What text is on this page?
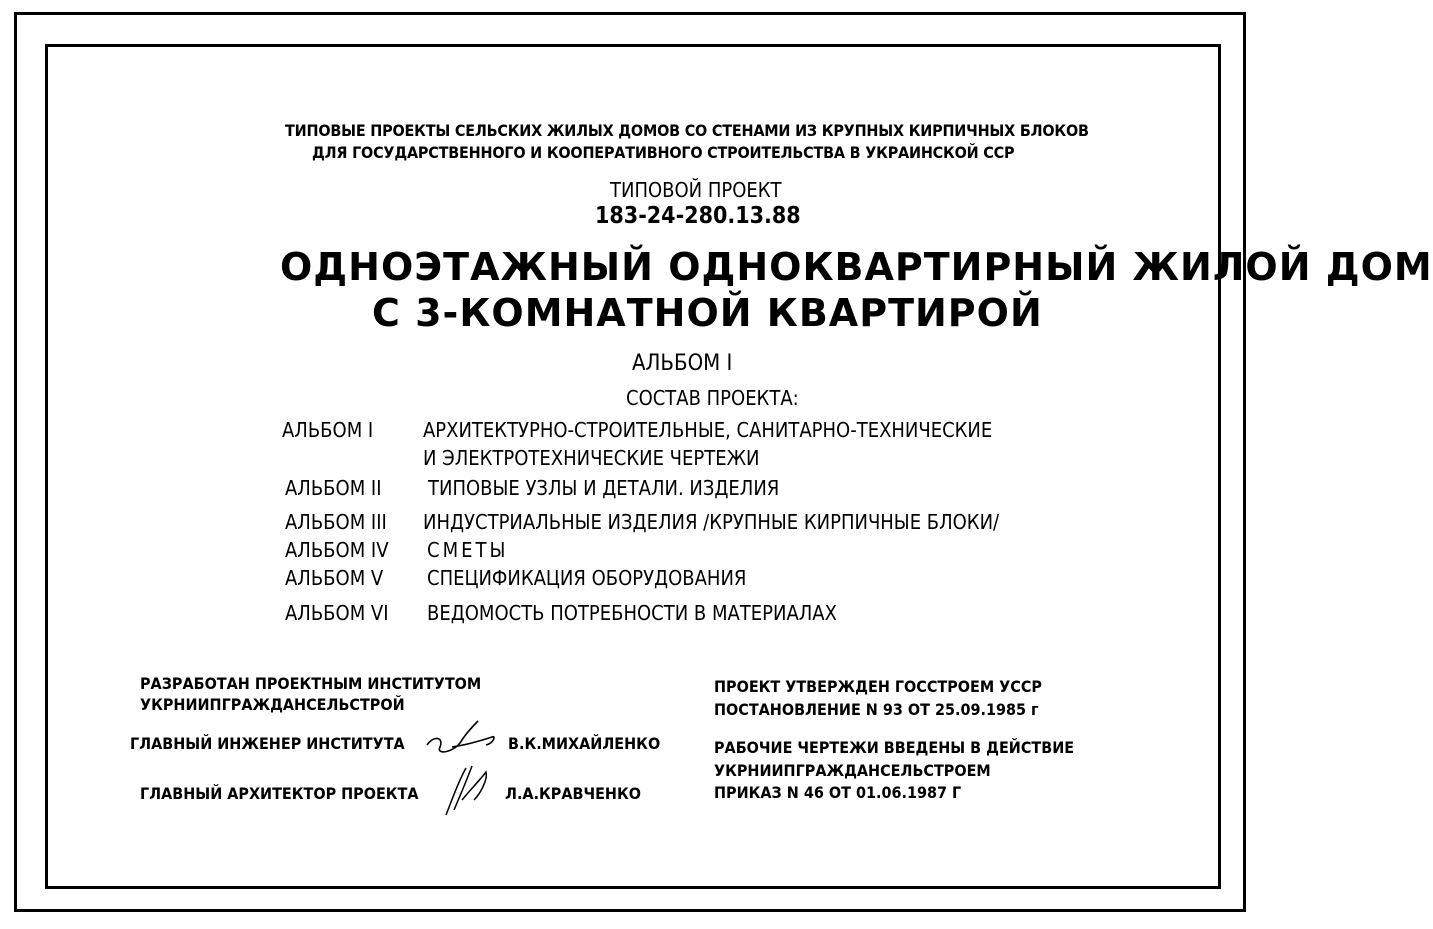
ТИПОВЫЕ ПРОЕКТЫ СЕЛЬСКИХ ЖИЛЫХ ДОМОВ СО СТЕНАМИ ИЗ КРУПНЫХ КИРПИЧНЫХ БЛОКОВ
ДЛЯ ГОСУДАРСТВЕННОГО И КООПЕРАТИВНОГО СТРОИТЕЛЬСТВА В УКРАИНСКОЙ ССР
ТИПОВОЙ ПРОЕКТ
183-24-280.13.88
ОДНОЭТАЖНЫЙ ОДНОКВАРТИРНЫЙ ЖИЛОЙ ДОМ
С 3-КОМНАТНОЙ КВАРТИРОЙ
АЛЬБОМ I
СОСТАВ ПРОЕКТА:
АЛЬБОМ I АРХИТЕКТУРНО-СТРОИТЕЛЬНЫЕ, САНИТАРНО-ТЕХНИЧЕСКИЕ
И ЭЛЕКТРОТЕХНИЧЕСКИЕ ЧЕРТЕЖИ
АЛЬБОМ II ТИПОВЫЕ УЗЛЫ И ДЕТАЛИ. ИЗДЕЛИЯ
АЛЬБОМ III ИНДУСТРИАЛЬНЫЕ ИЗДЕЛИЯ /КРУПНЫЕ КИРПИЧНЫЕ БЛОКИ/
АЛЬБОМ IV СМЕТЫ
АЛЬБОМ V СПЕЦИФИКАЦИЯ ОБОРУДОВАНИЯ
АЛЬБОМ VI ВЕДОМОСТЬ ПОТРЕБНОСТИ В МАТЕРИАЛАХ
РАЗРАБОТАН ПРОЕКТНЫМ ИНСТИТУТОМ
УКРНИИПГРАЖДАНСЕЛЬСТРОЙ
ГЛАВНЫЙ ИНЖЕНЕР ИНСТИТУТА	В.К.МИХАЙЛЕНКО
ГЛАВНЫЙ АРХИТЕКТОР ПРОЕКТА	Л.А.КРАВЧЕНКО
ПРОЕКТ УТВЕРЖДЕН ГОССТРОЕМ УССР
ПОСТАНОВЛЕНИЕ N 93 ОТ 25.09.1985 г
РАБОЧИЕ ЧЕРТЕЖИ ВВЕДЕНЫ В ДЕЙСТВИЕ
УКРНИИПГРАЖДАНСЕЛЬСТРОЕМ
ПРИКАЗ N 46 ОТ 01.06.1987 Г
